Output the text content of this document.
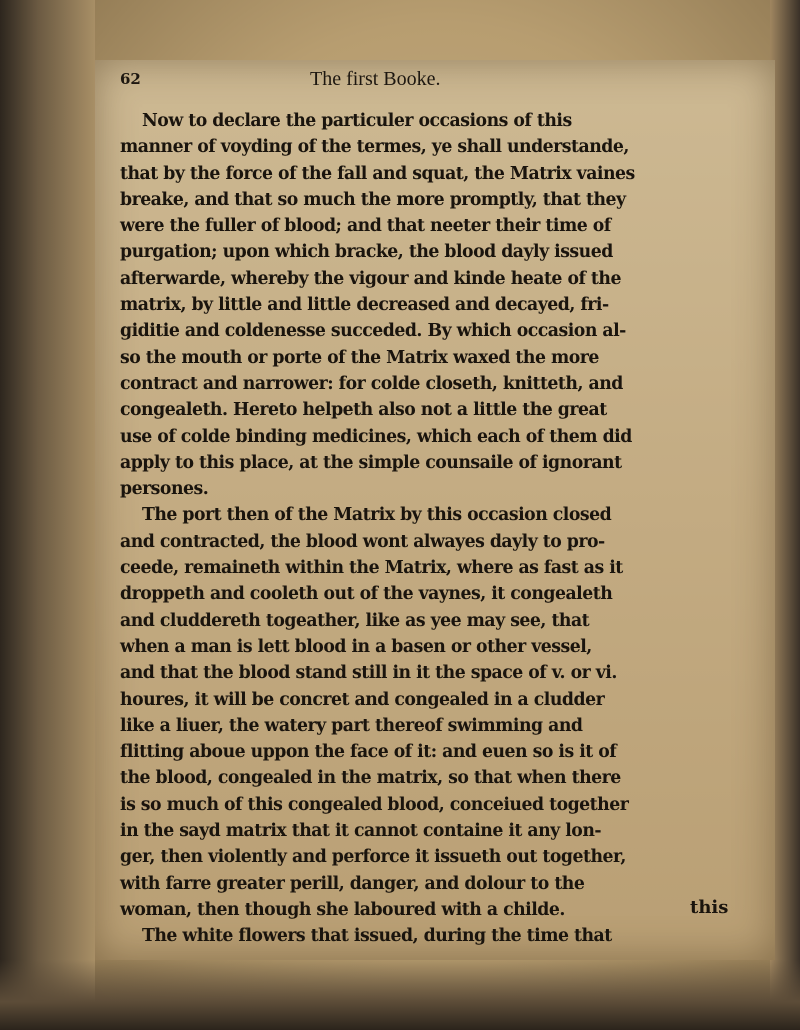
62	The first Booke.
Now to declare the particuler occasions of this
manner of voyding of the termes, ye shall understande,
that by the force of the fall and squat, the Matrix vaines
breake, and that so much the more promptly, that they
were the fuller of blood; and that neeter their time of
purgation; upon which bracke, the blood dayly issued
afterwarde, whereby the vigour and kinde heate of the
matrix, by little and little decreased and decayed, fri-
giditie and coldenesse succeded. By which occasion al-
so the mouth or porte of the Matrix waxed the more
contract and narrower: for colde closeth, knitteth, and
congealeth. Hereto helpeth also not a little the great
use of colde binding medicines, which each of them did
apply to this place, at the simple counsaile of ignorant
persones.
The port then of the Matrix by this occasion closed
and contracted, the blood wont alwayes dayly to pro-
ceede, remaineth within the Matrix, where as fast as it
droppeth and cooleth out of the vaynes, it congealeth
and cluddereth togeather, like as yee may see, that
when a man is lett blood in a basen or other vessel,
and that the blood stand still in it the space of v. or vi.
houres, it will be concret and congealed in a cludder
like a liuer, the watery part thereof swimming and
flitting aboue uppon the face of it: and euen so is it of
the blood, congealed in the matrix, so that when there
is so much of this congealed blood, conceiued together
in the sayd matrix that it cannot containe it any lon-
ger, then violently and perforce it issueth out together,
with farre greater perill, danger, and dolour to the
woman, then though she laboured with a childe.
The white flowers that issued, during the time that
this
